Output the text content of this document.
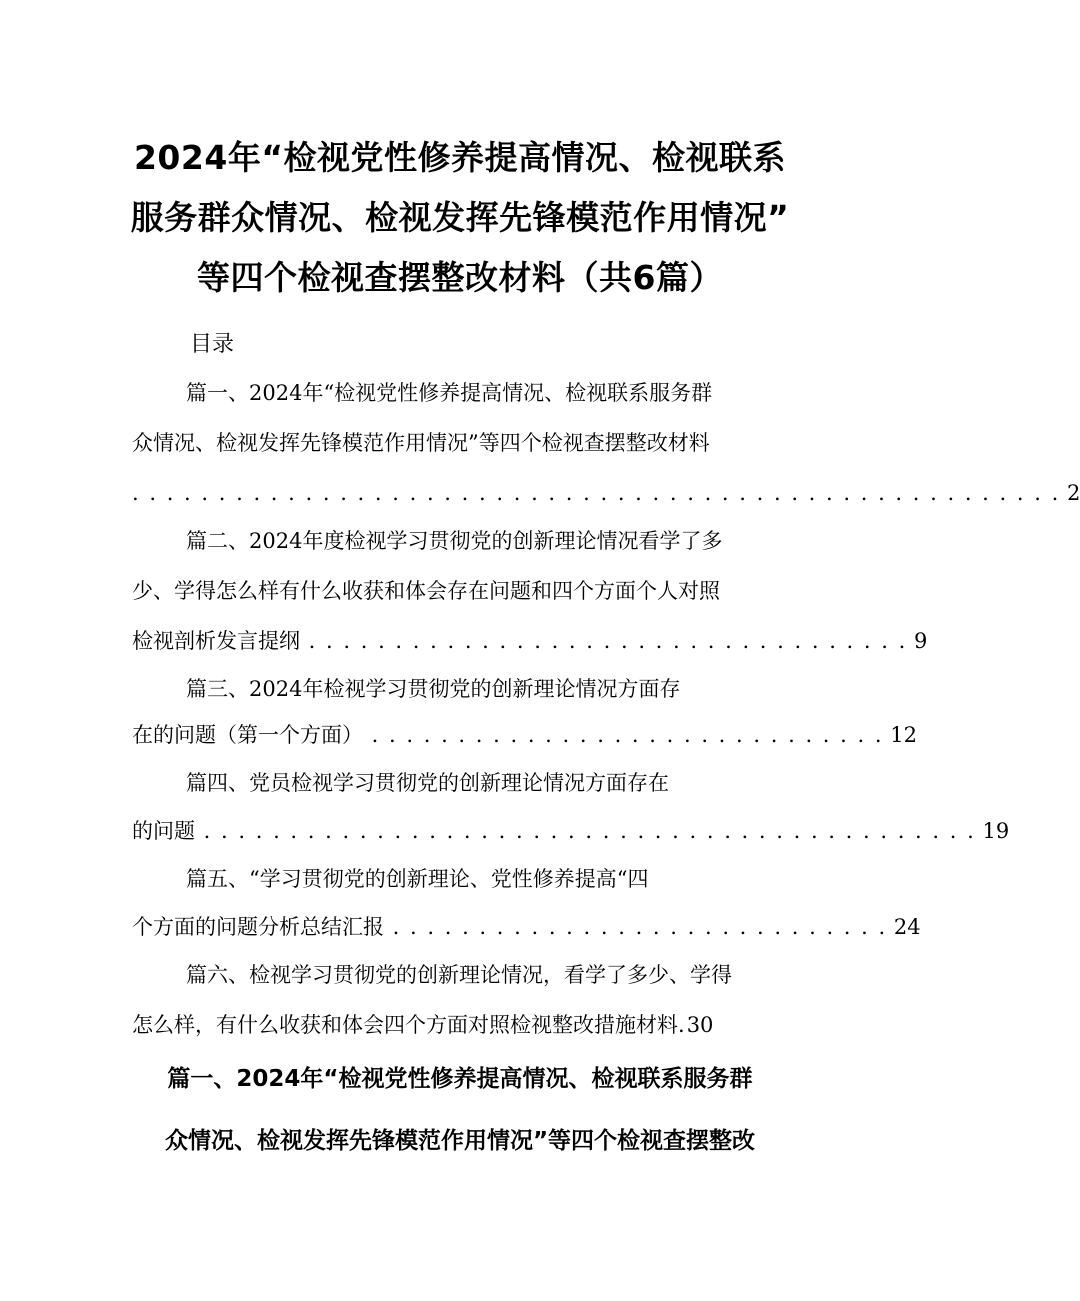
2024年“检视党性修养提高情况、检视联系
服务群众情况、检视发挥先锋模范作用情况”
等四个检视查摆整改材料（共6篇）
目录
篇一、2024年“检视党性修养提高情况、检视联系服务群
众情况、检视发挥先锋模范作用情况”等四个检视查摆整改材料
. . . . . . . . . . . . . . . . . . . . . . . . . . . . . . . . . . . . . . . . . . . . . . . . . . . . . . 2
篇二、2024年度检视学习贯彻党的创新理论情况看学了多
少、学得怎么样有什么收获和体会存在问题和四个方面个人对照
检视剖析发言提纲 . . . . . . . . . . . . . . . . . . . . . . . . . . . . . . . . . . . 9
篇三、2024年检视学习贯彻党的创新理论情况方面存
在的问题（第一个方面） . . . . . . . . . . . . . . . . . . . . . . . . . . . . . . 12
篇四、党员检视学习贯彻党的创新理论情况方面存在
的问题 . . . . . . . . . . . . . . . . . . . . . . . . . . . . . . . . . . . . . . . . . . . . . 19
篇五、“学习贯彻党的创新理论、党性修养提高“四
个方面的问题分析总结汇报 . . . . . . . . . . . . . . . . . . . . . . . . . . . . . 24
篇六、检视学习贯彻党的创新理论情况，看学了多少、学得
怎么样，有什么收获和体会四个方面对照检视整改措施材料.30
篇一、2024年“检视党性修养提高情况、检视联系服务群
众情况、检视发挥先锋模范作用情况”等四个检视查摆整改
